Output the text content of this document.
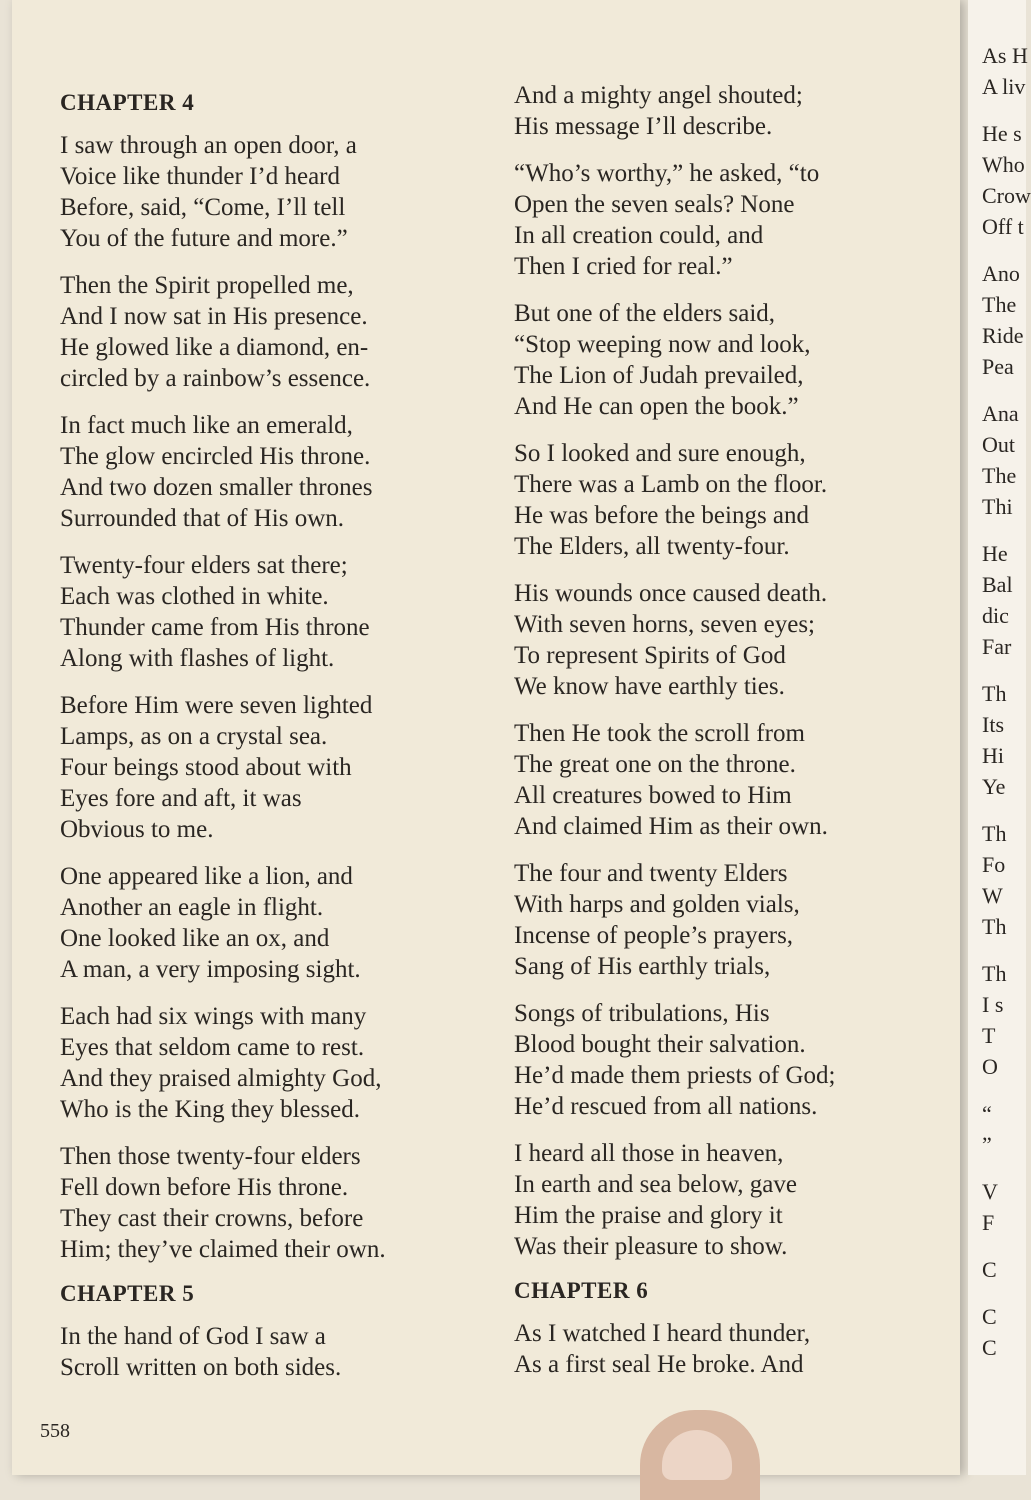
CHAPTER 4
I saw through an open door, a
Voice like thunder I’d heard
Before, said, “Come, I’ll tell
You of the future and more.”
Then the Spirit propelled me,
And I now sat in His presence.
He glowed like a diamond, en-
circled by a rainbow’s essence.
In fact much like an emerald,
The glow encircled His throne.
And two dozen smaller thrones
Surrounded that of His own.
Twenty-four elders sat there;
Each was clothed in white.
Thunder came from His throne
Along with flashes of light.
Before Him were seven lighted
Lamps, as on a crystal sea.
Four beings stood about with
Eyes fore and aft, it was
Obvious to me.
One appeared like a lion, and
Another an eagle in flight.
One looked like an ox, and
A man, a very imposing sight.
Each had six wings with many
Eyes that seldom came to rest.
And they praised almighty God,
Who is the King they blessed.
Then those twenty-four elders
Fell down before His throne.
They cast their crowns, before
Him; they’ve claimed their own.
CHAPTER 5
In the hand of God I saw a
Scroll written on both sides.
And a mighty angel shouted;
His message I’ll describe.
“Who’s worthy,” he asked, “to
Open the seven seals? None
In all creation could, and
Then I cried for real.”
But one of the elders said,
“Stop weeping now and look,
The Lion of Judah prevailed,
And He can open the book.”
So I looked and sure enough,
There was a Lamb on the floor.
He was before the beings and
The Elders, all twenty-four.
His wounds once caused death.
With seven horns, seven eyes;
To represent Spirits of God
We know have earthly ties.
Then He took the scroll from
The great one on the throne.
All creatures bowed to Him
And claimed Him as their own.
The four and twenty Elders
With harps and golden vials,
Incense of people’s prayers,
Sang of His earthly trials,
Songs of tribulations, His
Blood bought their salvation.
He’d made them priests of God;
He’d rescued from all nations.
I heard all those in heaven,
In earth and sea below, gave
Him the praise and glory it
Was their pleasure to show.
CHAPTER 6
As I watched I heard thunder,
As a first seal He broke. And
558
As H
A liv
He s
Who
Crow
Off t
Ano
The
Ride
Pea
Ana
Out
The
Thi
He
Bal
dic
Far
Th
Its
Hi
Ye
Th
Fo
W
Th
Th
I s
T
O
“
”
V
F
C
C
C
